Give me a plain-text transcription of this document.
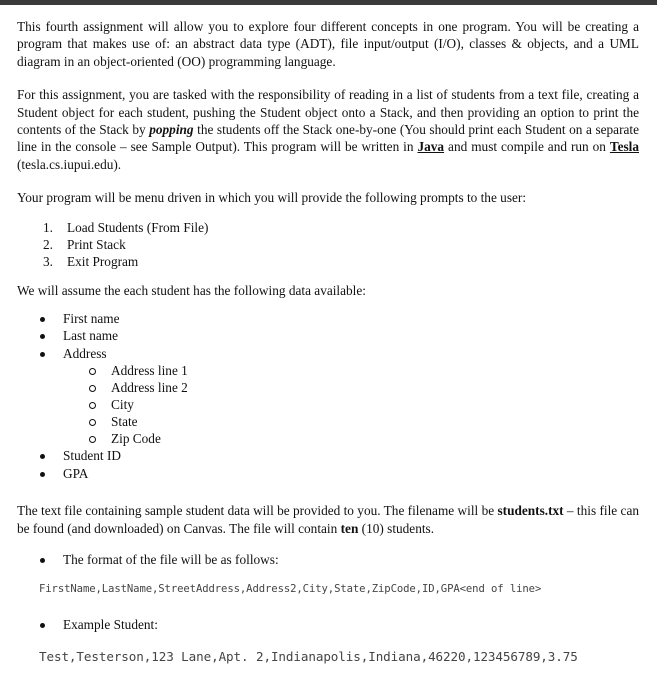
This fourth assignment will allow you to explore four different concepts in one program. You will be creating a program that makes use of: an abstract data type (ADT), file input/output (I/O), classes & objects, and a UML diagram in an object-oriented (OO) programming language.

For this assignment, you are tasked with the responsibility of reading in a list of students from a text file, creating a Student object for each student, pushing the Student object onto a Stack, and then providing an option to print the contents of the Stack by popping the students off the Stack one-by-one (You should print each Student on a separate line in the console – see Sample Output). This program will be written in Java and must compile and run on Tesla (tesla.cs.iupui.edu).

Your program will be menu driven in which you will provide the following prompts to the user:

1. Load Students (From File)
2. Print Stack
3. Exit Program

We will assume the each student has the following data available:

First name
Last name
Address
Address line 1
Address line 2
City
State
Zip Code
Student ID
GPA

The text file containing sample student data will be provided to you. The filename will be students.txt – this file can be found (and downloaded) on Canvas. The file will contain ten (10) students.

The format of the file will be as follows:
FirstName,LastName,StreetAddress,Address2,City,State,ZipCode,ID,GPA<end of line>
Example Student:
Test,Testerson,123 Lane,Apt. 2,Indianapolis,Indiana,46220,123456789,3.75
